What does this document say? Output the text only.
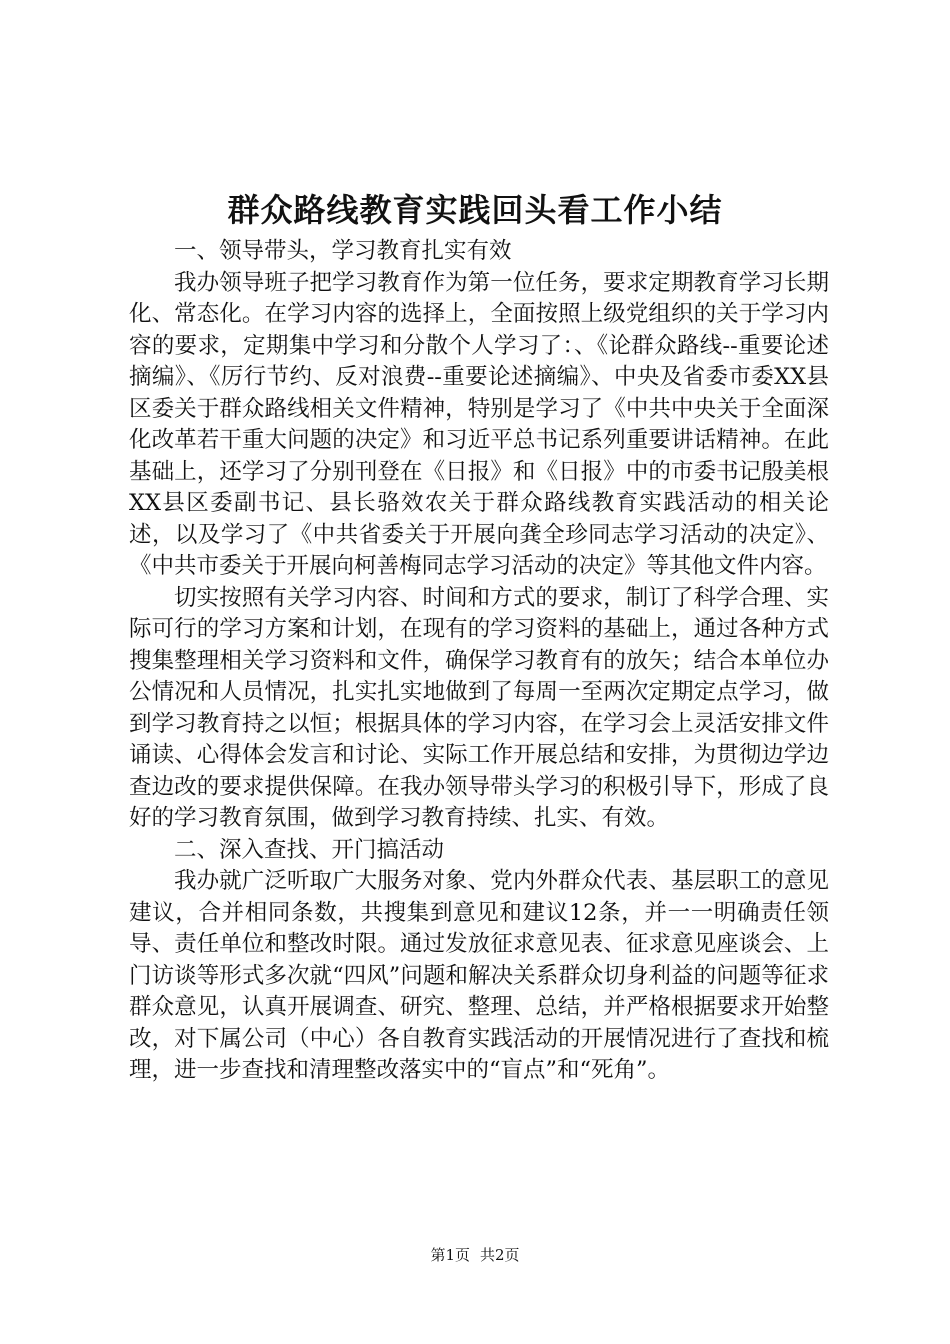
群众路线教育实践回头看工作小结

一、领导带头，学习教育扎实有效

我办领导班子把学习教育作为第一位任务，要求定期教育学习长期化、常态化。在学习内容的选择上，全面按照上级党组织的关于学习内容的要求，定期集中学习和分散个人学习了：、《论群众路线--重要论述摘编》、《厉行节约、反对浪费--重要论述摘编》、中央及省委市委XX县区委关于群众路线相关文件精神，特别是学习了《中共中央关于全面深化改革若干重大问题的决定》和习近平总书记系列重要讲话精神。在此基础上，还学习了分别刊登在《日报》和《日报》中的市委书记殷美根XX县区委副书记、县长骆效农关于群众路线教育实践活动的相关论述，以及学习了《中共省委关于开展向龚全珍同志学习活动的决定》、《中共市委关于开展向柯善梅同志学习活动的决定》等其他文件内容。

切实按照有关学习内容、时间和方式的要求，制订了科学合理、实际可行的学习方案和计划，在现有的学习资料的基础上，通过各种方式搜集整理相关学习资料和文件，确保学习教育有的放矢；结合本单位办公情况和人员情况，扎实扎实地做到了每周一至两次定期定点学习，做到学习教育持之以恒；根据具体的学习内容，在学习会上灵活安排文件诵读、心得体会发言和讨论、实际工作开展总结和安排，为贯彻边学边查边改的要求提供保障。在我办领导带头学习的积极引导下，形成了良好的学习教育氛围，做到学习教育持续、扎实、有效。

二、深入查找、开门搞活动

我办就广泛听取广大服务对象、党内外群众代表、基层职工的意见建议，合并相同条数，共搜集到意见和建议12条，并一一明确责任领导、责任单位和整改时限。通过发放征求意见表、征求意见座谈会、上门访谈等形式多次就“四风”问题和解决关系群众切身利益的问题等征求群众意见，认真开展调查、研究、整理、总结，并严格根据要求开始整改，对下属公司（中心）各自教育实践活动的开展情况进行了查找和梳理，进一步查找和清理整改落实中的“盲点”和“死角”。

第1页 共2页
